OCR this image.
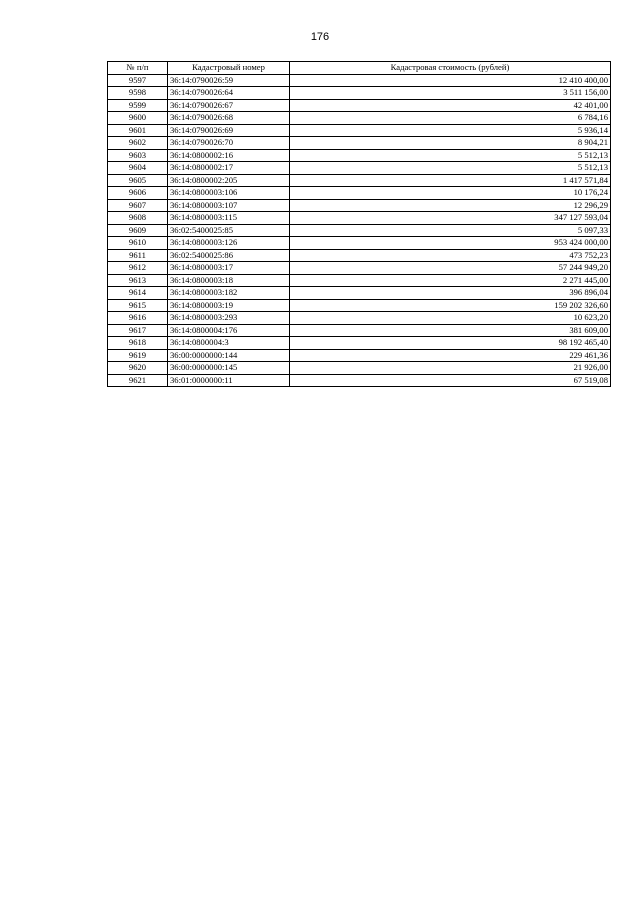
176
№ п/п	Кадастровый номер	Кадастровая стоимость (рублей)
9597	36:14:0790026:59	12 410 400,00
9598	36:14:0790026:64	3 511 156,00
9599	36:14:0790026:67	42 401,00
9600	36:14:0790026:68	6 784,16
9601	36:14:0790026:69	5 936,14
9602	36:14:0790026:70	8 904,21
9603	36:14:0800002:16	5 512,13
9604	36:14:0800002:17	5 512,13
9605	36:14:0800002:205	1 417 571,84
9606	36:14:0800003:106	10 176,24
9607	36:14:0800003:107	12 296,29
9608	36:14:0800003:115	347 127 593,04
9609	36:02:5400025:85	5 097,33
9610	36:14:0800003:126	953 424 000,00
9611	36:02:5400025:86	473 752,23
9612	36:14:0800003:17	57 244 949,20
9613	36:14:0800003:18	2 271 445,00
9614	36:14:0800003:182	396 896,04
9615	36:14:0800003:19	159 202 326,60
9616	36:14:0800003:293	10 623,20
9617	36:14:0800004:176	381 609,00
9618	36:14:0800004:3	98 192 465,40
9619	36:00:0000000:144	229 461,36
9620	36:00:0000000:145	21 926,00
9621	36:01:0000000:11	67 519,08
